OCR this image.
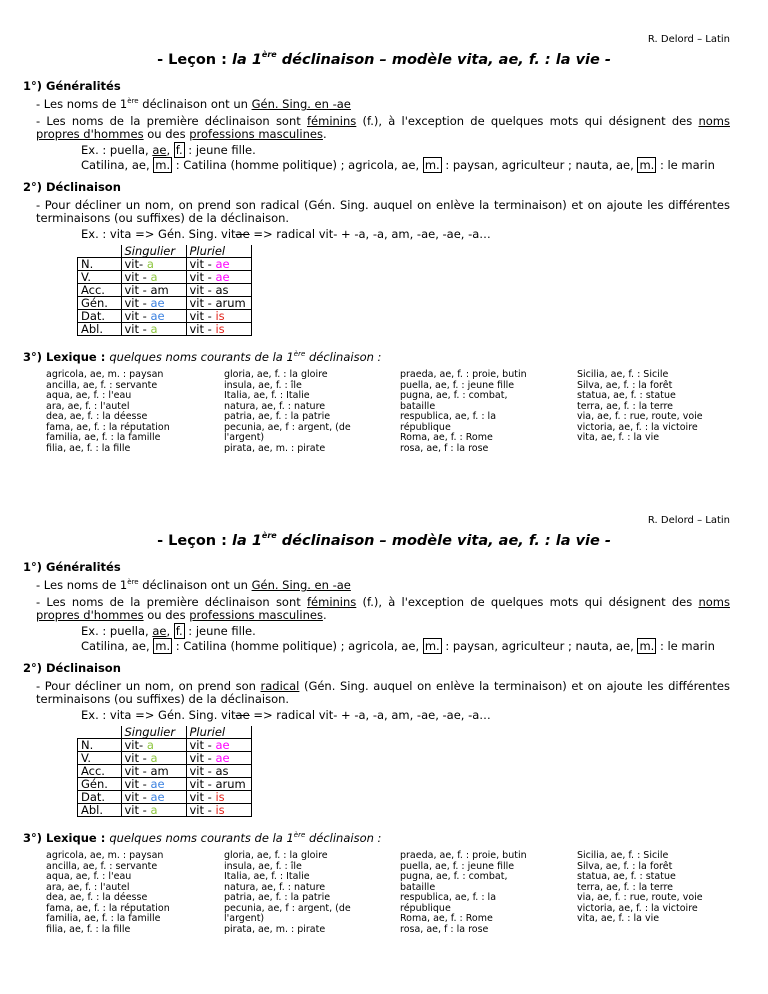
R. Delord – Latin
- Leçon : la 1ère déclinaison – modèle vita, ae, f. : la vie -
1°) Généralités
- Les noms de 1ère déclinaison ont un Gén. Sing. en -ae
- Les noms de la première déclinaison sont féminins (f.), à l'exception de quelques mots qui désignent des noms
propres d'hommes ou des professions masculines.
Ex. : puella, ae, f. : jeune fille.
Catilina, ae, m. : Catilina (homme politique) ; agricola, ae, m. : paysan, agriculteur ; nauta, ae, m. : le marin
2°) Déclinaison
- Pour décliner un nom, on prend son radical (Gén. Sing. auquel on enlève la terminaison) et on ajoute les différentes
terminaisons (ou suffixes) de la déclinaison.
Ex. : vita => Gén. Sing. vitae => radical vit- + -a, -a, am, -ae, -ae, -a…
	Singulier	Pluriel
N.	vit- a	vit - ae
V.	vit - a	vit - ae
Acc.	vit - am	vit - as
Gén.	vit - ae	vit - arum
Dat.	vit - ae	vit - is
Abl.	vit - a	vit - is
3°) Lexique : quelques noms courants de la 1ère déclinaison :
agricola, ae, m. : paysan
ancilla, ae, f. : servante
aqua, ae, f. : l'eau
ara, ae, f. : l'autel
dea, ae, f. : la déesse
fama, ae, f. : la réputation
familia, ae, f. : la famille
filia, ae, f. : la fille
gloria, ae, f. : la gloire
insula, ae, f. : île
Italia, ae, f. : Italie
natura, ae, f. : nature
patria, ae, f. : la patrie
pecunia, ae, f : argent, (de
l'argent)
pirata, ae, m. : pirate
praeda, ae, f. : proie, butin
puella, ae, f. : jeune fille
pugna, ae, f. : combat,
bataille
respublica, ae, f. : la
république
Roma, ae, f. : Rome
rosa, ae, f : la rose
Sicilia, ae, f. : Sicile
Silva, ae, f. : la forêt
statua, ae, f. : statue
terra, ae, f. : la terre
via, ae, f. : rue, route, voie
victoria, ae, f. : la victoire
vita, ae, f. : la vie
R. Delord – Latin
- Leçon : la 1ère déclinaison – modèle vita, ae, f. : la vie -
1°) Généralités
- Les noms de 1ère déclinaison ont un Gén. Sing. en -ae
- Les noms de la première déclinaison sont féminins (f.), à l'exception de quelques mots qui désignent des noms
propres d'hommes ou des professions masculines.
Ex. : puella, ae, f. : jeune fille.
Catilina, ae, m. : Catilina (homme politique) ; agricola, ae, m. : paysan, agriculteur ; nauta, ae, m. : le marin
2°) Déclinaison
- Pour décliner un nom, on prend son radical (Gén. Sing. auquel on enlève la terminaison) et on ajoute les différentes
terminaisons (ou suffixes) de la déclinaison.
Ex. : vita => Gén. Sing. vitae => radical vit- + -a, -a, am, -ae, -ae, -a…
	Singulier	Pluriel
N.	vit- a	vit - ae
V.	vit - a	vit - ae
Acc.	vit - am	vit - as
Gén.	vit - ae	vit - arum
Dat.	vit - ae	vit - is
Abl.	vit - a	vit - is
3°) Lexique : quelques noms courants de la 1ère déclinaison :
agricola, ae, m. : paysan
ancilla, ae, f. : servante
aqua, ae, f. : l'eau
ara, ae, f. : l'autel
dea, ae, f. : la déesse
fama, ae, f. : la réputation
familia, ae, f. : la famille
filia, ae, f. : la fille
gloria, ae, f. : la gloire
insula, ae, f. : île
Italia, ae, f. : Italie
natura, ae, f. : nature
patria, ae, f. : la patrie
pecunia, ae, f : argent, (de
l'argent)
pirata, ae, m. : pirate
praeda, ae, f. : proie, butin
puella, ae, f. : jeune fille
pugna, ae, f. : combat,
bataille
respublica, ae, f. : la
république
Roma, ae, f. : Rome
rosa, ae, f : la rose
Sicilia, ae, f. : Sicile
Silva, ae, f. : la forêt
statua, ae, f. : statue
terra, ae, f. : la terre
via, ae, f. : rue, route, voie
victoria, ae, f. : la victoire
vita, ae, f. : la vie
